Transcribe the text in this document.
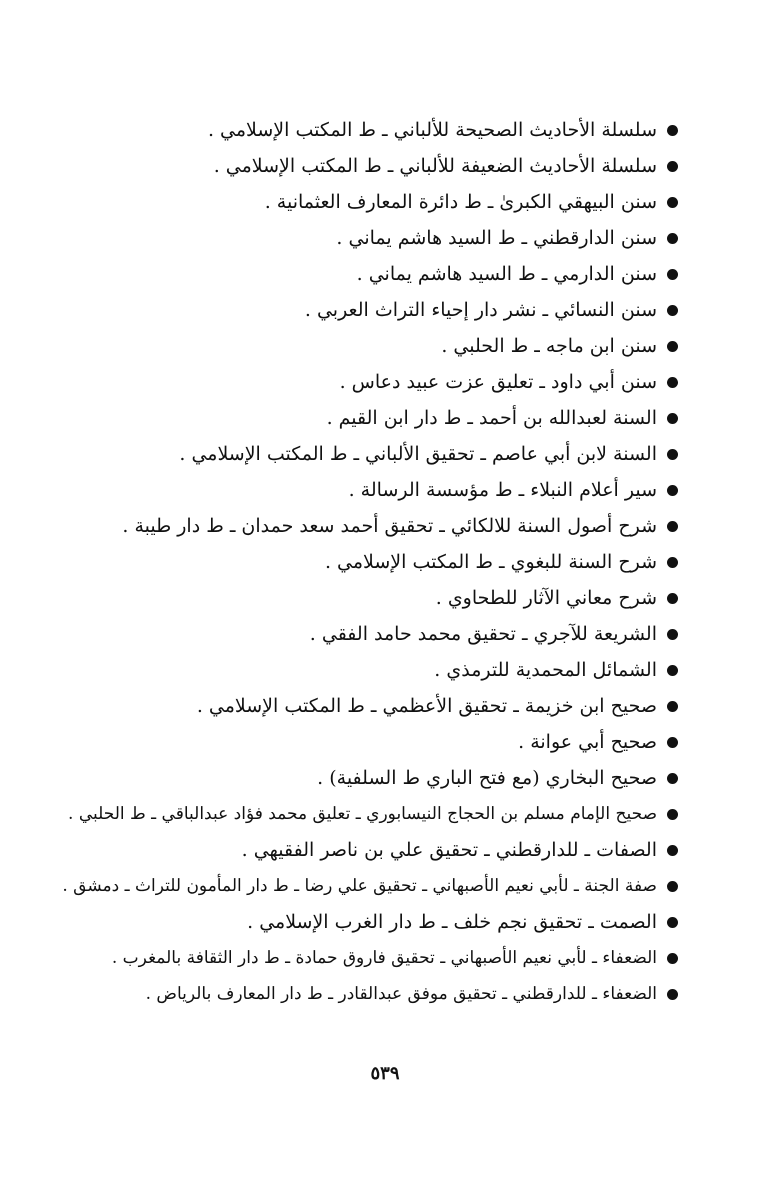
سلسلة الأحاديث الصحيحة للألباني ـ ط المكتب الإسلامي .
سلسلة الأحاديث الضعيفة للألباني ـ ط المكتب الإسلامي .
سنن البيهقي الكبرىٰ ـ ط دائرة المعارف العثمانية .
سنن الدارقطني ـ ط السيد هاشم يماني .
سنن الدارمي ـ ط السيد هاشم يماني .
سنن النسائي ـ نشر دار إحياء التراث العربي .
سنن ابن ماجه ـ ط الحلبي .
سنن أبي داود ـ تعليق عزت عبيد دعاس .
السنة لعبدالله بن أحمد ـ ط دار ابن القيم .
السنة لابن أبي عاصم ـ تحقيق الألباني ـ ط المكتب الإسلامي .
سير أعلام النبلاء ـ ط مؤسسة الرسالة .
شرح أصول السنة للالكائي ـ تحقيق أحمد سعد حمدان ـ ط دار طيبة .
شرح السنة للبغوي ـ ط المكتب الإسلامي .
شرح معاني الآثار للطحاوي .
الشريعة للآجري ـ تحقيق محمد حامد الفقي .
الشمائل المحمدية للترمذي .
صحيح ابن خزيمة ـ تحقيق الأعظمي ـ ط المكتب الإسلامي .
صحيح أبي عوانة .
صحيح البخاري (مع فتح الباري ط السلفية) .
صحيح الإمام مسلم بن الحجاج النيسابوري ـ تعليق محمد فؤاد عبدالباقي ـ ط الحلبي .
الصفات ـ للدارقطني ـ تحقيق علي بن ناصر الفقيهي .
صفة الجنة ـ لأبي نعيم الأصبهاني ـ تحقيق علي رضا ـ ط دار المأمون للتراث ـ دمشق .
الصمت ـ تحقيق نجم خلف ـ ط دار الغرب الإسلامي .
الضعفاء ـ لأبي نعيم الأصبهاني ـ تحقيق فاروق حمادة ـ ط دار الثقافة بالمغرب .
الضعفاء ـ للدارقطني ـ تحقيق موفق عبدالقادر ـ ط دار المعارف بالرياض .
٥٣٩
